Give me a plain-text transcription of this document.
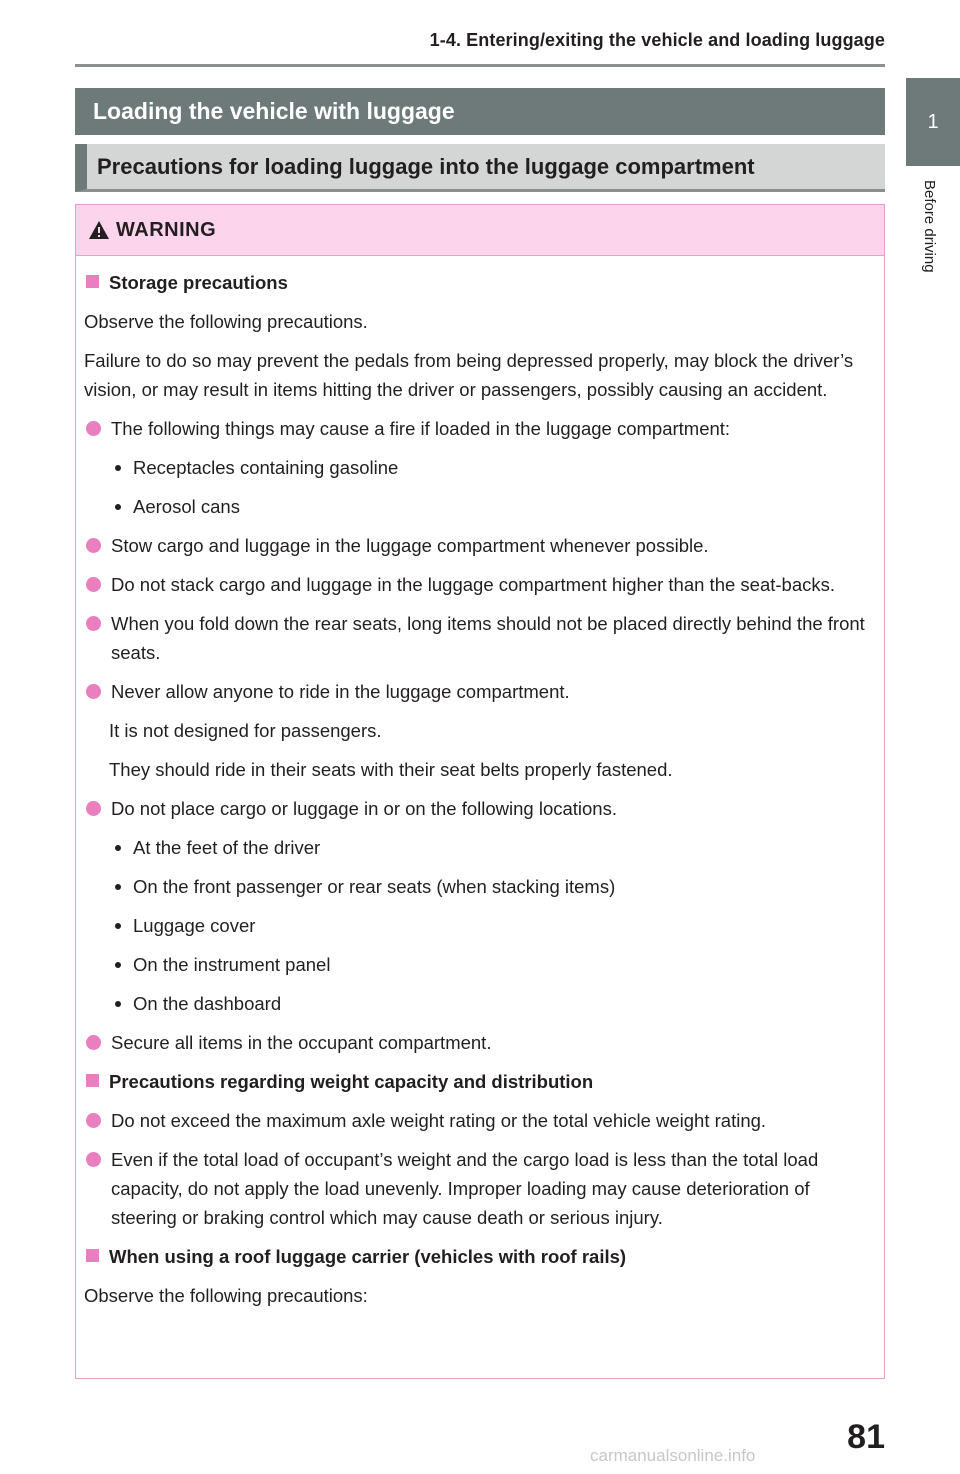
1-4. Entering/exiting the vehicle and loading luggage
1
Before driving
Loading the vehicle with luggage
Precautions for loading luggage into the luggage compartment
WARNING
Storage precautions
Observe the following precautions.
Failure to do so may prevent the pedals from being depressed properly, may block the driver’s vision, or may result in items hitting the driver or passengers, possibly causing an accident.
The following things may cause a fire if loaded in the luggage compartment:
Receptacles containing gasoline
Aerosol cans
Stow cargo and luggage in the luggage compartment whenever possible.
Do not stack cargo and luggage in the luggage compartment higher than the seat-backs.
When you fold down the rear seats, long items should not be placed directly behind the front seats.
Never allow anyone to ride in the luggage compartment.
It is not designed for passengers.
They should ride in their seats with their seat belts properly fastened.
Do not place cargo or luggage in or on the following locations.
At the feet of the driver
On the front passenger or rear seats (when stacking items)
Luggage cover
On the instrument panel
On the dashboard
Secure all items in the occupant compartment.
Precautions regarding weight capacity and distribution
Do not exceed the maximum axle weight rating or the total vehicle weight rating.
Even if the total load of occupant’s weight and the cargo load is less than the total load capacity, do not apply the load unevenly. Improper loading may cause deterioration of steering or braking control which may cause death or serious injury.
When using a roof luggage carrier (vehicles with roof rails)
Observe the following precautions:
81
carmanualsonline.info
